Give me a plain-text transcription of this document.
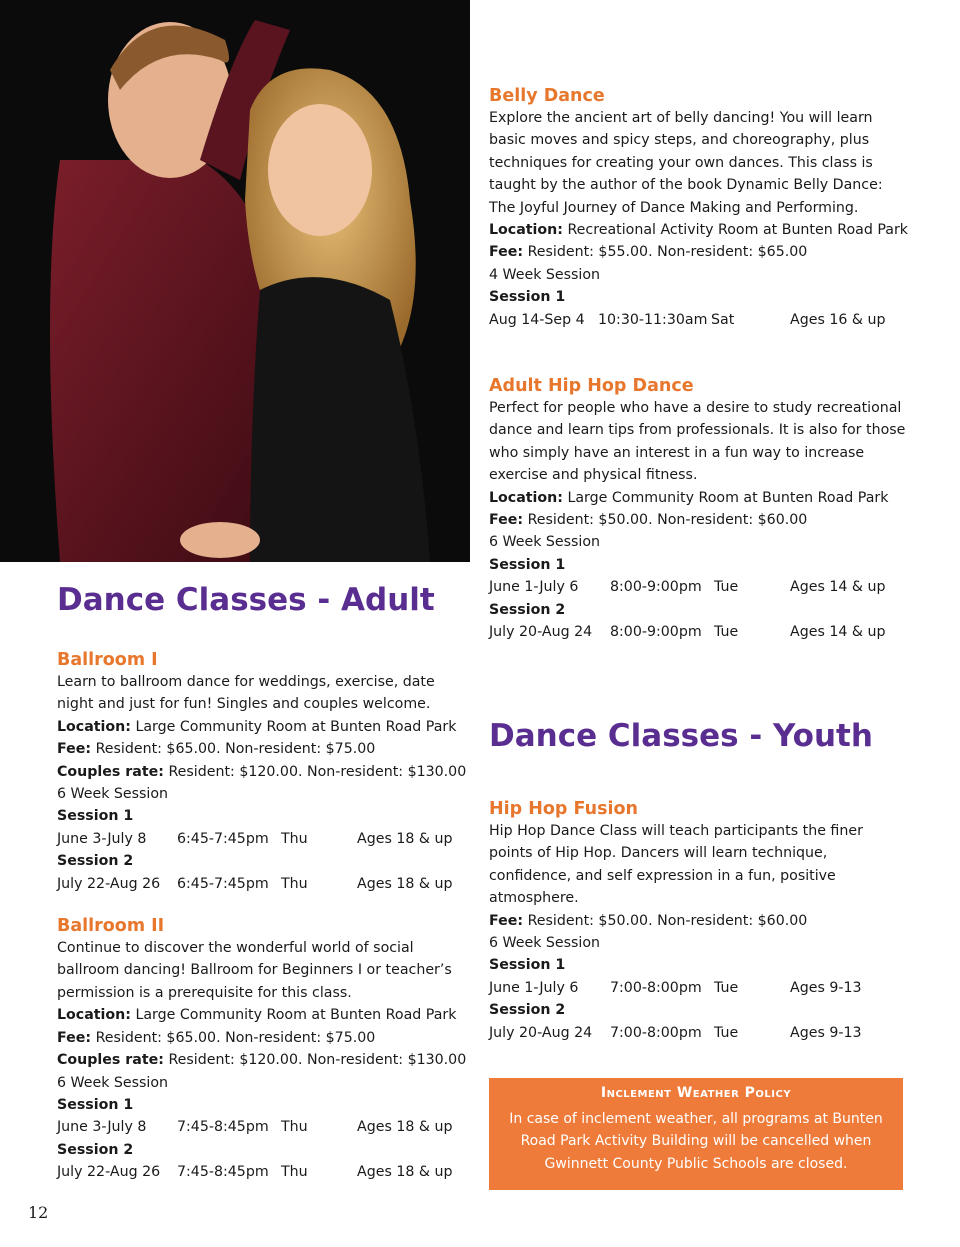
Dance Classes - Adult
Ballroom I

Learn to ballroom dance for weddings, exercise, date night and just for fun! Singles and couples welcome.

Location: Large Community Room at Bunten Road Park

Fee: Resident: $65.00. Non-resident: $75.00

Couples rate: Resident: $120.00. Non-resident: $130.00

6 Week Session

Session 1

June 3-July 8	6:45-7:45pm Thu	Ages 18 & up

Session 2

July 22-Aug 26	6:45-7:45pm Thu	Ages 18 & up
Ballroom II

Continue to discover the wonderful world of social ballroom dancing! Ballroom for Beginners I or teacher’s permission is a prerequisite for this class.

Location: Large Community Room at Bunten Road Park

Fee: Resident: $65.00. Non-resident: $75.00

Couples rate: Resident: $120.00. Non-resident: $130.00

6 Week Session

Session 1

June 3-July 8	7:45-8:45pm Thu	Ages 18 & up

Session 2

July 22-Aug 26	7:45-8:45pm Thu	Ages 18 & up
Belly Dance

Explore the ancient art of belly dancing! You will learn basic moves and spicy steps, and choreography, plus techniques for creating your own dances. This class is taught by the author of the book Dynamic Belly Dance: The Joyful Journey of Dance Making and Performing.

Location: Recreational Activity Room at Bunten Road Park

Fee: Resident: $55.00. Non-resident: $65.00

4 Week Session

Session 1

Aug 14-Sep 4 10:30-11:30am Sat	Ages 16 & up
Adult Hip Hop Dance

Perfect for people who have a desire to study recreational dance and learn tips from professionals. It is also for those who simply have an interest in a fun way to increase exercise and physical fitness.

Location: Large Community Room at Bunten Road Park

Fee: Resident: $50.00. Non-resident: $60.00

6 Week Session

Session 1

June 1-July 6	8:00-9:00pm Tue	Ages 14 & up

Session 2

July 20-Aug 24	8:00-9:00pm Tue	Ages 14 & up
Dance Classes - Youth
Hip Hop Fusion

Hip Hop Dance Class will teach participants the finer points of Hip Hop. Dancers will learn technique, confidence, and self expression in a fun, positive atmosphere.

Fee: Resident: $50.00. Non-resident: $60.00

6 Week Session

Session 1

June 1-July 6	7:00-8:00pm Tue	Ages 9-13

Session 2

July 20-Aug 24	7:00-8:00pm Tue	Ages 9-13
Inclement Weather Policy

In case of inclement weather, all programs at Bunten Road Park Activity Building will be cancelled when Gwinnett County Public Schools are closed.

12
